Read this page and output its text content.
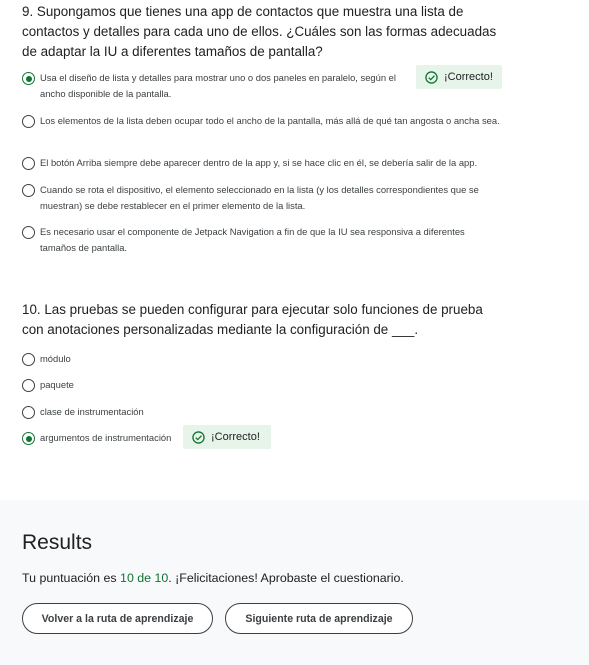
9. Supongamos que tienes una app de contactos que muestra una lista de contactos y detalles para cada uno de ellos. ¿Cuáles son las formas adecuadas de adaptar la IU a diferentes tamaños de pantalla?

Usa el diseño de lista y detalles para mostrar uno o dos paneles en paralelo, según el ancho disponible de la pantalla.
¡Correcto!
Los elementos de la lista deben ocupar todo el ancho de la pantalla, más allá de qué tan angosta o ancha sea.
El botón Arriba siempre debe aparecer dentro de la app y, si se hace clic en él, se debería salir de la app.
Cuando se rota el dispositivo, el elemento seleccionado en la lista (y los detalles correspondientes que se muestran) se debe restablecer en el primer elemento de la lista.
Es necesario usar el componente de Jetpack Navigation a fin de que la IU sea responsiva a diferentes tamaños de pantalla.

10. Las pruebas se pueden configurar para ejecutar solo funciones de prueba con anotaciones personalizadas mediante la configuración de ___.

módulo
paquete
clase de instrumentación
argumentos de instrumentación	¡Correcto!
Results
Tu puntuación es 10 de 10. ¡Felicitaciones! Aprobaste el cuestionario.
Volver a la ruta de aprendizaje	Siguiente ruta de aprendizaje
